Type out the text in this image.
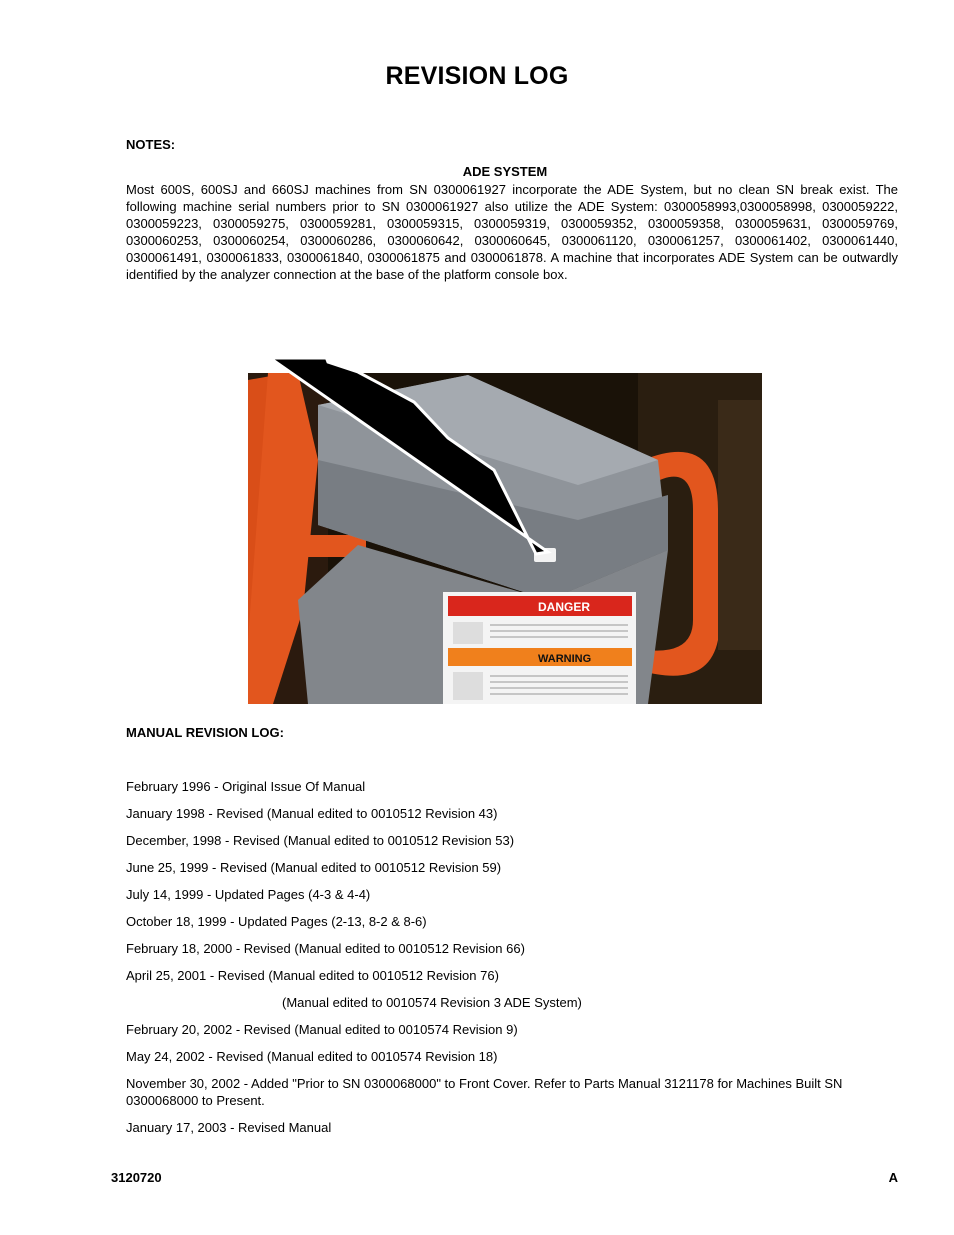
REVISION LOG
NOTES:
ADE SYSTEM
Most 600S, 600SJ and 660SJ machines from SN 0300061927 incorporate the ADE System, but no clean SN break exist. The following machine serial numbers prior to SN 0300061927 also utilize the ADE System: 0300058993,0300058998, 0300059222, 0300059223, 0300059275, 0300059281, 0300059315, 0300059319, 0300059352, 0300059358, 0300059631, 0300059769, 0300060253, 0300060254, 0300060286, 0300060642, 0300060645, 0300061120, 0300061257, 0300061402, 0300061440, 0300061491, 0300061833, 0300061840, 0300061875 and 0300061878. A machine that incorporates ADE System can be outwardly identified by the analyzer connection at the base of the platform console box.
DANGER
WARNING
MANUAL REVISION LOG:
February 1996 - Original Issue Of Manual
January 1998 - Revised (Manual edited to 0010512 Revision 43)
December, 1998 - Revised (Manual edited to 0010512 Revision 53)
June 25, 1999 - Revised (Manual edited to 0010512 Revision 59)
July 14, 1999 - Updated Pages (4-3 & 4-4)
October 18, 1999 - Updated Pages (2-13, 8-2 & 8-6)
February 18, 2000 - Revised (Manual edited to 0010512 Revision 66)
April 25, 2001 - Revised (Manual edited to 0010512 Revision 76)
(Manual edited to 0010574 Revision 3 ADE System)
February 20, 2002 - Revised (Manual edited to 0010574 Revision 9)
May 24, 2002 - Revised (Manual edited to 0010574 Revision 18)
November 30, 2002 - Added "Prior to SN 0300068000" to Front Cover. Refer to Parts Manual 3121178 for Machines Built SN 0300068000 to Present.
January 17, 2003 - Revised Manual
3120720	A
